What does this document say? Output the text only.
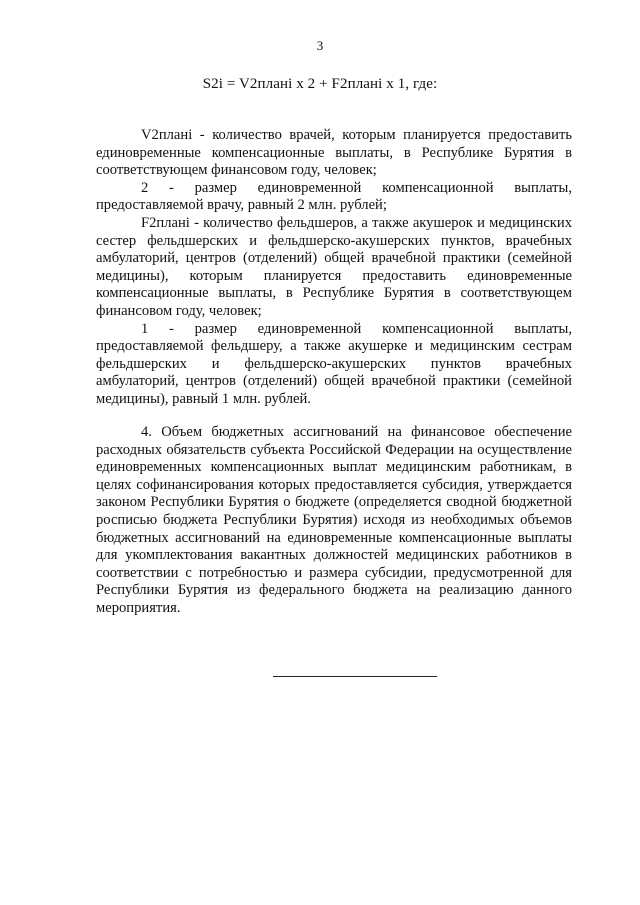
3
S2i = V2планi x 2 + F2планi x 1, где:

V2планi - количество врачей, которым планируется предоставить единовременные компенсационные выплаты, в Республике Бурятия в соответствующем финансовом году, человек;

2 - размер единовременной компенсационной выплаты, предоставляемой врачу, равный 2 млн. рублей;

F2планi - количество фельдшеров, а также акушерок и медицинских сестер фельдшерских и фельдшерско-акушерских пунктов, врачебных амбулаторий, центров (отделений) общей врачебной практики (семейной медицины), которым планируется предоставить единовременные компенсационные выплаты, в Республике Бурятия в соответствующем финансовом году, человек;

1 - размер единовременной компенсационной выплаты, предоставляемой фельдшеру, а также акушерке и медицинским сестрам фельдшерских и фельдшерско-акушерских пунктов врачебных амбулаторий, центров (отделений) общей врачебной практики (семейной медицины), равный 1 млн. рублей.

4. Объем бюджетных ассигнований на финансовое обеспечение расходных обязательств субъекта Российской Федерации на осуществление единовременных компенсационных выплат медицинским работникам, в целях софинансирования которых предоставляется субсидия, утверждается законом Республики Бурятия о бюджете (определяется сводной бюджетной росписью бюджета Республики Бурятия) исходя из необходимых объемов бюджетных ассигнований на единовременные компенсационные выплаты для укомплектования вакантных должностей медицинских работников в соответствии с потребностью и размера субсидии, предусмотренной для Республики Бурятия из федерального бюджета на реализацию данного мероприятия.
